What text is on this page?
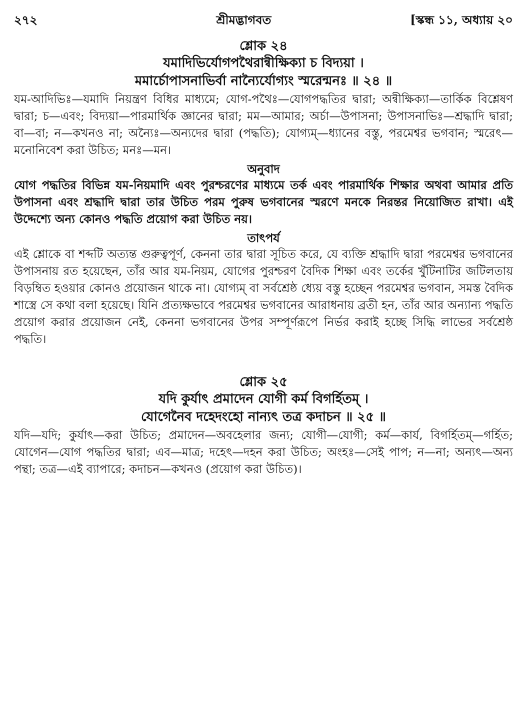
২৭২	শ্রীমদ্ভাগবত	[স্কন্ধ ১১, অধ্যায় ২০
শ্লোক ২৪
যমাদিভির্যোগপথৈরান্বীক্ষিক্যা চ বিদ্যয়া ।
মমার্চোপাসনাভির্বা নান্যৈর্যোগ্যং স্মরেন্মনঃ ॥ ২৪ ॥

যম-আদিভিঃ—যমাদি নিয়ন্ত্রণ বিধির মাধ্যমে; যোগ-পথৈঃ—যোগপদ্ধতির দ্বারা; অন্বীক্ষিক্যা—তার্কিক বিশ্লেষণ দ্বারা; চ—এবং; বিদ্যয়া—পারমার্থিক জ্ঞানের দ্বারা; মম—আমার; অর্চা—উপাসনা; উপাসনাভিঃ—শ্রদ্ধাদি দ্বারা; বা—বা; ন—কখনও না; অন্যৈঃ—অন্যদের দ্বারা (পদ্ধতি); যোগ্যম্—ধ্যানের বস্তু, পরমেশ্বর ভগবান; স্মরেৎ—মনোনিবেশ করা উচিত; মনঃ—মন।

অনুবাদ

যোগ পদ্ধতির বিভিন্ন যম-নিয়মাদি এবং পুরশ্চরণের মাধ্যমে তর্ক এবং পারমার্থিক শিক্ষার অথবা আমার প্রতি উপাসনা এবং শ্রদ্ধাদি দ্বারা তার উচিত পরম পুরুষ ভগবানের স্মরণে মনকে নিরন্তর নিয়োজিত রাখা। এই উদ্দেশ্যে অন্য কোনও পদ্ধতি প্রয়োগ করা উচিত নয়।

তাৎপর্য

এই শ্লোকে বা শব্দটি অত্যন্ত গুরুত্বপূর্ণ, কেননা তার দ্বারা সূচিত করে, যে ব্যক্তি শ্রদ্ধাদি দ্বারা পরমেশ্বর ভগবানের উপাসনায় রত হয়েছেন, তাঁর আর যম-নিয়ম, যোগের পুরশ্চরণ বৈদিক শিক্ষা এবং তর্কের খুঁটিনাটির জটিলতায় বিড়ম্বিত হওয়ার কোনও প্রয়োজন থাকে না। যোগ্যম্ বা সর্বশ্রেষ্ঠ ধ্যেয় বস্তু হচ্ছেন পরমেশ্বর ভগবান, সমস্ত বৈদিক শাস্ত্রে সে কথা বলা হয়েছে। যিনি প্রত্যক্ষভাবে পরমেশ্বর ভগবানের আরাধনায় ব্রতী হন, তাঁর আর অন্যান্য পদ্ধতি প্রয়োগ করার প্রয়োজন নেই, কেননা ভগবানের উপর সম্পূর্ণরূপে নির্ভর করাই হচ্ছে সিদ্ধি লাভের সর্বশ্রেষ্ঠ পদ্ধতি।

শ্লোক ২৫
যদি কুর্যাৎ প্রমাদেন যোগী কর্ম বিগর্হিতম্ ।
যোগেনৈব দহেদংহো নান্যৎ তত্র কদাচন ॥ ২৫ ॥

যদি—যদি; কুর্যাৎ—করা উচিত; প্রমাদেন—অবহেলার জন্য; যোগী—যোগী; কর্ম—কার্য, বিগর্হিতম্—গর্হিত; যোগেন—যোগ পদ্ধতির দ্বারা; এব—মাত্র; দহেৎ—দহন করা উচিত; অংহঃ—সেই পাপ; ন—না; অন্যৎ—অন্য পন্থা; তত্র—এই ব্যাপারে; কদাচন—কখনও (প্রয়োগ করা উচিত)।
